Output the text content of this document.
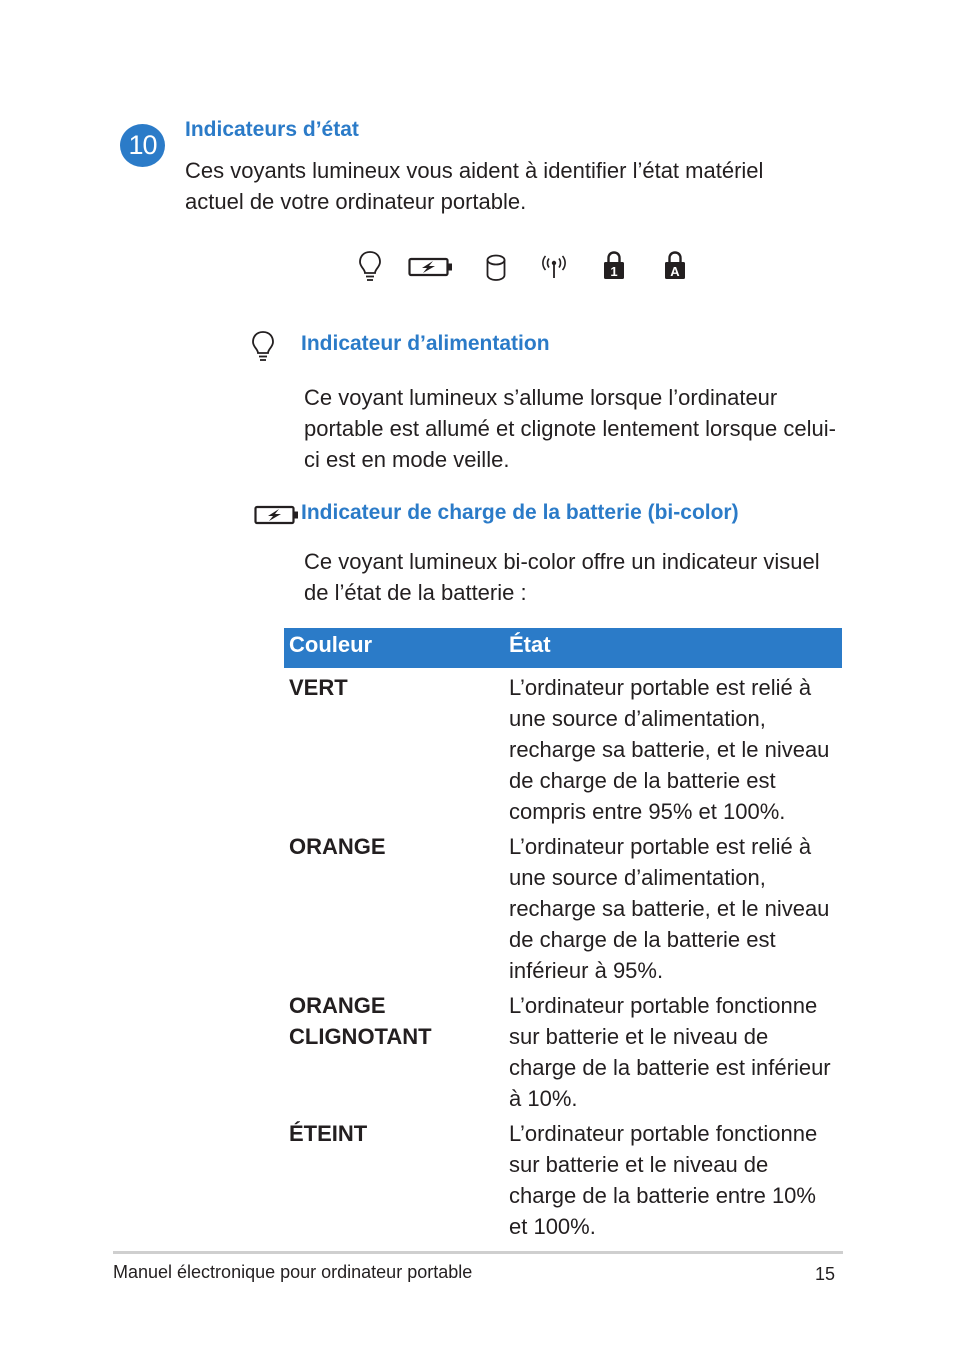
10
Indicateurs d’état

Ces voyants lumineux vous aident à identifier l’état matériel actuel de votre ordinateur portable.

1	A
Indicateur d’alimentation

Ce voyant lumineux s’allume lorsque l’ordinateur portable est allumé et clignote lentement lorsque celui-ci est en mode veille.

Indicateur de charge de la batterie (bi-color)

Ce voyant lumineux bi-color offre un indicateur visuel de l’état de la batterie :

Couleur	État
VERT	L’ordinateur portable est relié à une source d’alimentation, recharge sa batterie, et le niveau de charge de la batterie est compris entre 95% et 100%.
ORANGE	L’ordinateur portable est relié à une source d’alimentation, recharge sa batterie, et le niveau de charge de la batterie est inférieur à 95%.
ORANGE CLIGNOTANT	L’ordinateur portable fonctionne sur batterie et le niveau de charge de la batterie est inférieur à 10%.
ÉTEINT	L’ordinateur portable fonctionne sur batterie et le niveau de charge de la batterie entre 10% et 100%.
Manuel électronique pour ordinateur portable	15
